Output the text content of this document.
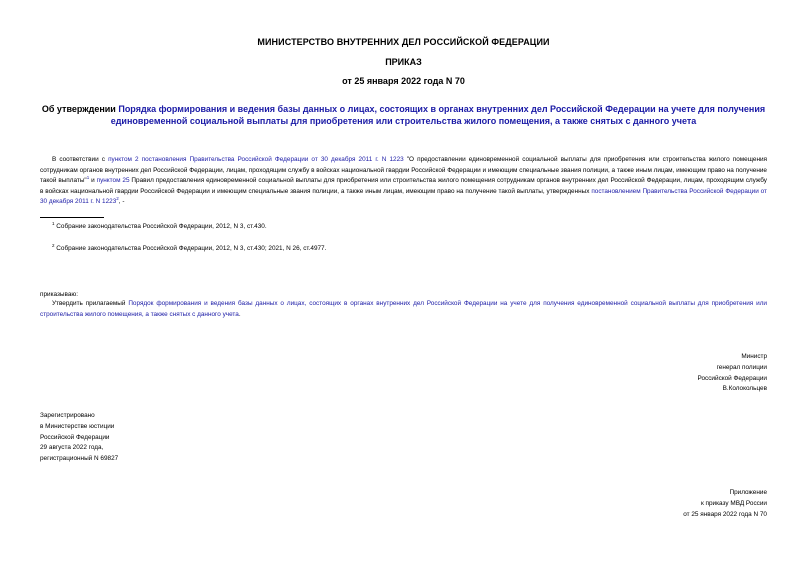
МИНИСТЕРСТВО ВНУТРЕННИХ ДЕЛ РОССИЙСКОЙ ФЕДЕРАЦИИ
ПРИКАЗ
от 25 января 2022 года N 70
Об утверждении Порядка формирования и ведения базы данных о лицах, состоящих в органах внутренних дел Российской Федерации на учете для получения единовременной социальной выплаты для приобретения или строительства жилого помещения, а также снятых с данного учета
В соответствии с пунктом 2 постановления Правительства Российской Федерации от 30 декабря 2011 г. N 1223 "О предоставлении единовременной социальной выплаты для приобретения или строительства жилого помещения сотрудникам органов внутренних дел Российской Федерации, лицам, проходящим службу в войсках национальной гвардии Российской Федерации и имеющим специальные звания полиции, а также иным лицам, имеющим право на получение такой выплаты"$^1$ и пунктом 25 Правил предоставления единовременной социальной выплаты для приобретения или строительства жилого помещения сотрудникам органов внутренних дел Российской Федерации, лицам, проходящим службу в войсках национальной гвардии Российской Федерации и имеющим специальные звания полиции, а также иным лицам, имеющим право на получение такой выплаты, утвержденных постановлением Правительства Российской Федерации от 30 декабря 2011 г. N 1223$^2$, -
$^1$ Собрание законодательства Российской Федерации, 2012, N 3, ст.430.
$^2$ Собрание законодательства Российской Федерации, 2012, N 3, ст.430; 2021, N 26, ст.4977.
приказываю:
Утвердить прилагаемый Порядок формирования и ведения базы данных о лицах, состоящих в органах внутренних дел Российской Федерации на учете для получения единовременной социальной выплаты для приобретения или строительства жилого помещения, а также снятых с данного учета.
Министр
генерал полиции
Российской Федерации
В.Колокольцев
Зарегистрировано
в Министерстве юстиции
Российской Федерации
29 августа 2022 года,
регистрационный N 69827
Приложение
к приказу МВД России
от 25 января 2022 года N 70
